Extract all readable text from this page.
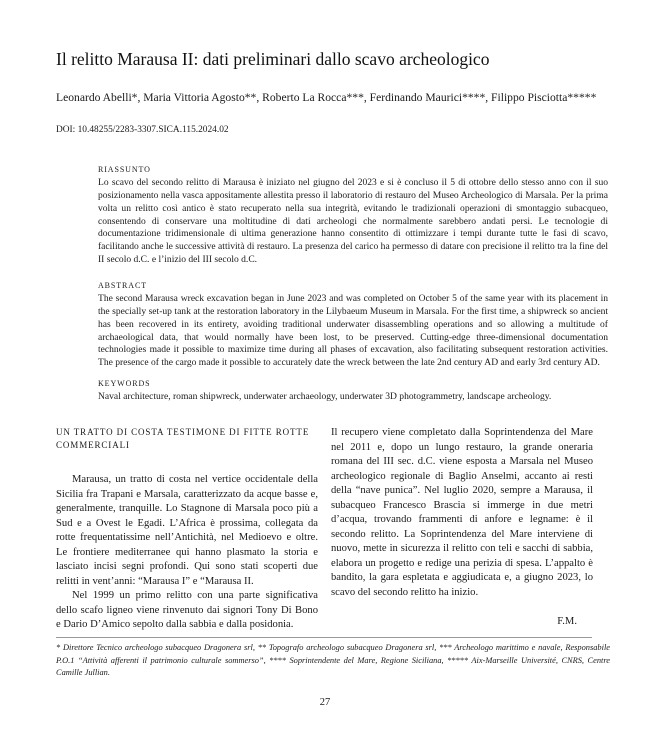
Il relitto Marausa II: dati preliminari dallo scavo archeologico
Leonardo Abelli*, Maria Vittoria Agosto**, Roberto La Rocca***, Ferdinando Maurici****, Filippo Pisciotta*****
DOI: 10.48255/2283-3307.SICA.115.2024.02
RIASSUNTO

Lo scavo del secondo relitto di Marausa è iniziato nel giugno del 2023 e si è concluso il 5 di ottobre dello stesso anno con il suo posizionamento nella vasca appositamente allestita presso il laboratorio di restauro del Museo Archeologico di Marsala. Per la prima volta un relitto così antico è stato recuperato nella sua integrità, evitando le tradizionali operazioni di smontaggio subacqueo, consentendo di conservare una moltitudine di dati archeologi che normalmente sarebbero andati persi. Le tecnologie di documentazione tridimensionale di ultima generazione hanno consentito di ottimizzare i tempi durante tutte le fasi di scavo, facilitando anche le successive attività di restauro. La presenza del carico ha permesso di datare con precisione il relitto tra la fine del II secolo d.C. e l’inizio del III secolo d.C.

ABSTRACT

The second Marausa wreck excavation began in June 2023 and was completed on October 5 of the same year with its placement in the specially set-up tank at the restoration laboratory in the Lilybaeum Museum in Marsala. For the first time, a shipwreck so ancient has been recovered in its entirety, avoiding traditional underwater disassembling operations and so allowing a multitude of archaeological data, that would normally have been lost, to be preserved. Cutting-edge three-dimensional documentation technologies made it possible to maximize time during all phases of excavation, also facilitating subsequent restoration activities. The presence of the cargo made it possible to accurately date the wreck between the late 2nd century AD and early 3rd century AD.

KEYWORDS

Naval architecture, roman shipwreck, underwater archaeology, underwater 3D photogrammetry, landscape archeology.

UN TRATTO DI COSTA TESTIMONE DI FITTE ROTTE COMMERCIALI

Marausa, un tratto di costa nel vertice occidentale della Sicilia fra Trapani e Marsala, caratterizzato da acque basse e, generalmente, tranquille. Lo Stagnone di Marsala poco più a Sud e a Ovest le Egadi. L’Africa è prossima, collegata da rotte frequentatissime nell’Antichità, nel Medioevo e oltre. Le frontiere mediterranee qui hanno plasmato la storia e lasciato incisi segni profondi. Qui sono stati scoperti due relitti in vent’anni: “Marausa I” e “Marausa II.

Nel 1999 un primo relitto con una parte significativa dello scafo ligneo viene rinvenuto dai signori Tony Di Bono e Dario D’Amico sepolto dalla sabbia e dalla posidonia.

Il recupero viene completato dalla Soprintendenza del Mare nel 2011 e, dopo un lungo restauro, la grande oneraria romana del III sec. d.C. viene esposta a Marsala nel Museo archeologico regionale di Baglio Anselmi, accanto ai resti della “nave punica”. Nel luglio 2020, sempre a Marausa, il subacqueo Francesco Brascia si immerge in due metri d’acqua, trovando frammenti di anfore e legname: è il secondo relitto. La Soprintendenza del Mare interviene di nuovo, mette in sicurezza il relitto con teli e sacchi di sabbia, elabora un progetto e redige una perizia di spesa. L’appalto è bandito, la gara espletata e aggiudicata e, a giugno 2023, lo scavo del secondo relitto ha inizio.

F.M.

* Direttore Tecnico archeologo subacqueo Dragonera srl, ** Topografo archeologo subacqueo Dragonera srl, *** Archeologo marittimo e navale, Responsabile P.O.1 “Attività afferenti il patrimonio culturale sommerso”, **** Soprintendente del Mare, Regione Siciliana, ***** Aix-Marseille Université, CNRS, Centre Camille Jullian.
27
